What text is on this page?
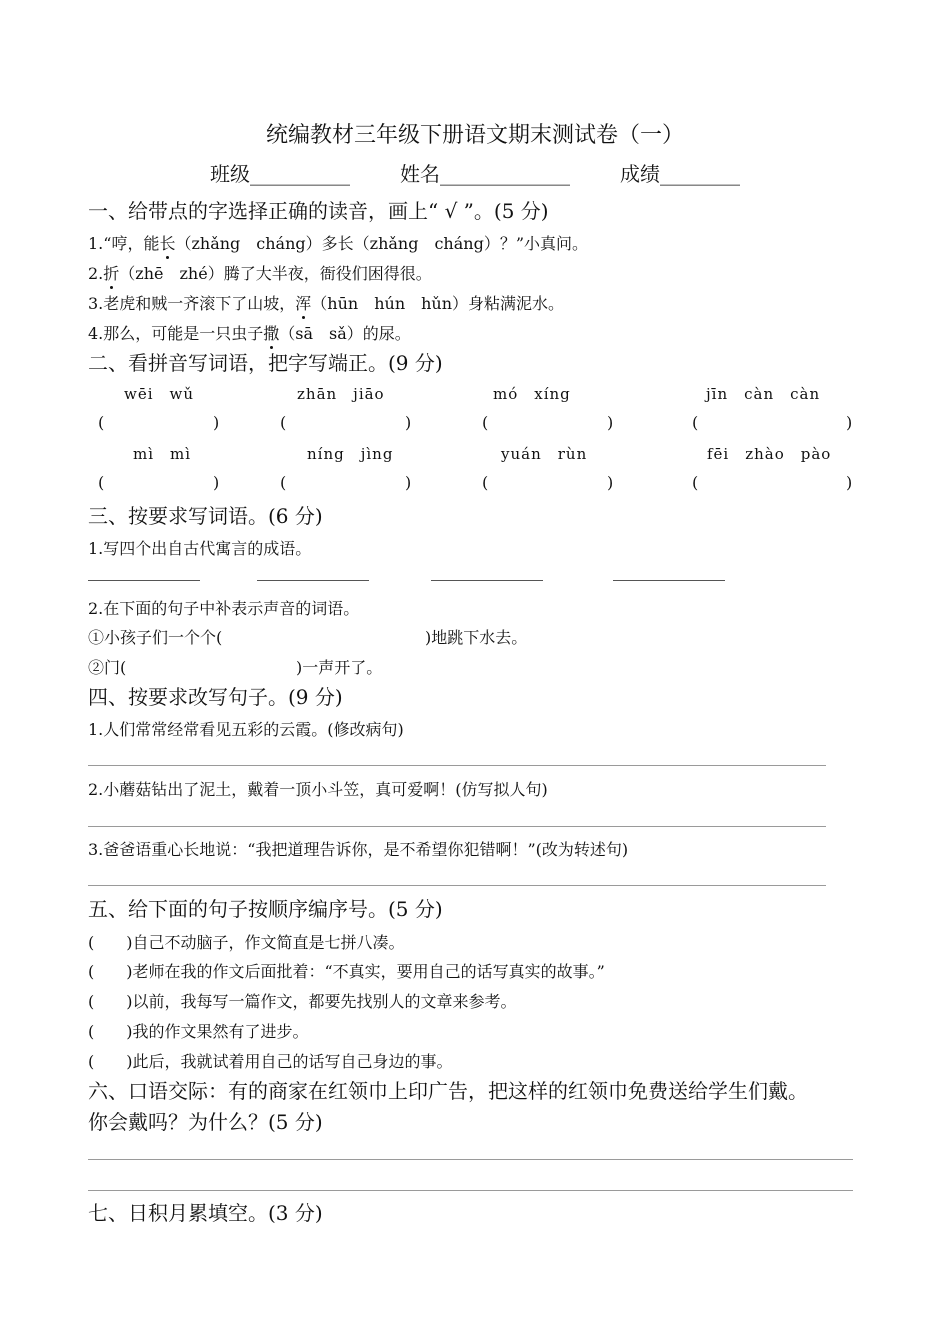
统编教材三年级下册语文期末测试卷（一）
班级__________	姓名_____________	成绩________
一、给带点的字选择正确的读音，画上“ √ ”。(5 分)
1.“哼，能长（zhǎng　cháng）多长（zhǎng　cháng）？”小真问。
2.折（zhē　zhé）腾了大半夜，衙役们困得很。
3.老虎和贼一齐滚下了山坡，浑（hūn　hún　hǔn）身粘满泥水。
4.那么，可能是一只虫子撒（sā　sǎ）的尿。
二、看拼音写词语，把字写端正。(9 分)
wēi　wǔ	zhān　jiāo	mó　xíng	jīn　càn　càn
(	)	(	)	(	)	(	)
mì　mì	níng　jìng	yuán　rùn	fēi　zhào　pào
(	)	(	)	(	)	(	)
三、按要求写词语。(6 分)
1.写四个出自古代寓言的成语。
2.在下面的句子中补表示声音的词语。
①小孩子们一个个(	)地跳下水去。
②门(	)一声开了。
四、按要求改写句子。(9 分)
1.人们常常经常看见五彩的云霞。(修改病句)
2.小蘑菇钻出了泥土，戴着一顶小斗笠，真可爱啊！(仿写拟人句)
3.爸爸语重心长地说：“我把道理告诉你，是不希望你犯错啊！”(改为转述句)
五、给下面的句子按顺序编序号。(5 分)
(　　)自己不动脑子，作文简直是七拼八凑。
(　　)老师在我的作文后面批着：“不真实，要用自己的话写真实的故事。”
(　　)以前，我每写一篇作文，都要先找别人的文章来参考。
(　　)我的作文果然有了进步。
(　　)此后，我就试着用自己的话写自己身边的事。
六、口语交际：有的商家在红领巾上印广告，把这样的红领巾免费送给学生们戴。
你会戴吗？为什么？(5 分)
七、日积月累填空。(3 分)
